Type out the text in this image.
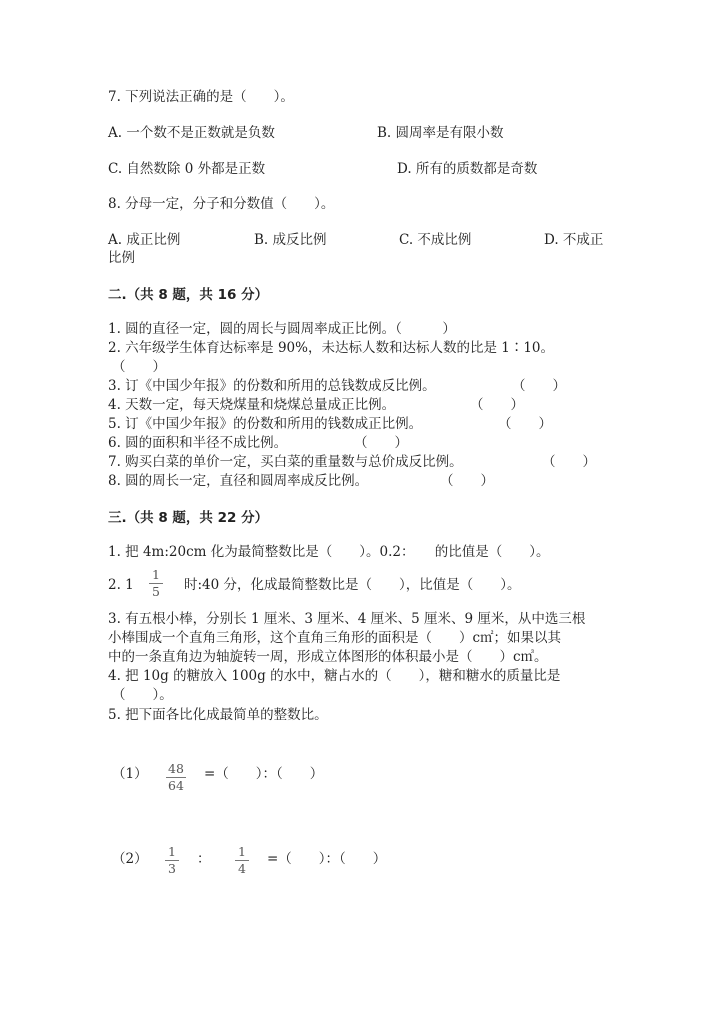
7. 下列说法正确的是（　　）。
A. 一个数不是正数就是负数	B. 圆周率是有限小数
C. 自然数除 0 外都是正数	D. 所有的质数都是奇数
8. 分母一定，分子和分数值（　　）。
A. 成正比例	B. 成反比例	C. 不成比例	D. 不成正
比例
二.（共 8 题，共 16 分）
1. 圆的直径一定，圆的周长与圆周率成正比例。（　　　）
2. 六年级学生体育达标率是 90%，未达标人数和达标人数的比是 1∶10。
（　　）
3. 订《中国少年报》的份数和所用的总钱数成反比例。	（　　）
4. 天数一定，每天烧煤量和烧煤总量成正比例。	（　　）
5. 订《中国少年报》的份数和所用的钱数成正比例。	（　　）
6. 圆的面积和半径不成比例。	（　　）
7. 购买白菜的单价一定，买白菜的重量数与总价成反比例。	（　　）
8. 圆的周长一定，直径和圆周率成反比例。	（　　）
三.（共 8 题，共 22 分）
1. 把 4m:20cm 化为最简整数比是（　　）。0.2：　　的比值是（　　）。
2. 1
1
5 时:40 分，化成最简整数比是（　　），比值是（　　）。
3. 有五根小棒，分别长 1 厘米、3 厘米、4 厘米、5 厘米、9 厘米，从中选三根
小棒围成一个直角三角形，这个直角三角形的面积是（　　）c㎡；如果以其
中的一条直角边为轴旋转一周，形成立体图形的体积最小是（　　）c㎥。
4. 把 10g 的糖放入 100g 的水中，糖占水的（　　），糖和糖水的质量比是
（　　）。
5. 把下面各比化成最简单的整数比。
（1） 48
64
=（　　）：（　　）
（2） 1
3
： 1
4
=（　　）：（　　）
